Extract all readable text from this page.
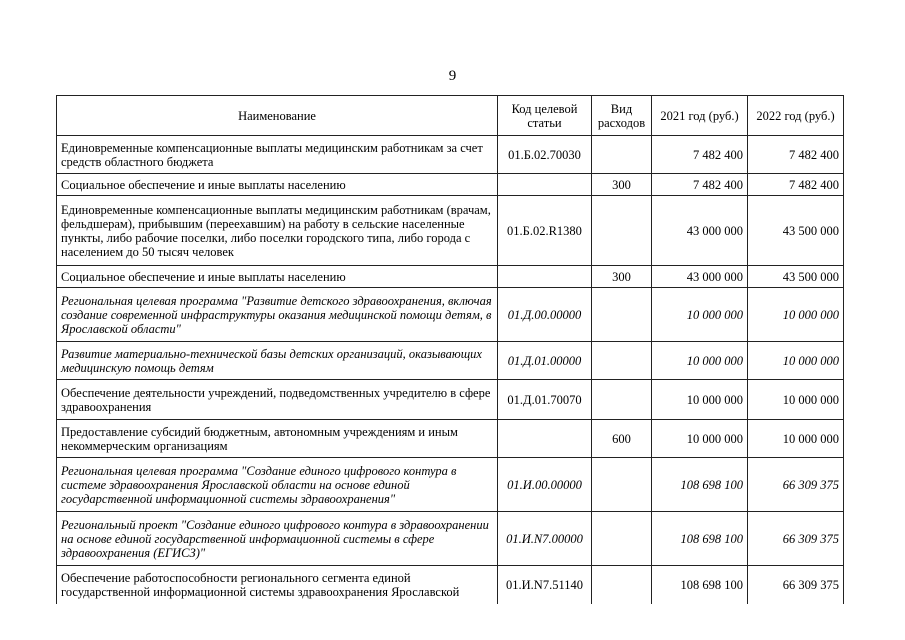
9
Наименование	Код целевой статьи	Вид расходов	2021 год (руб.)	2022 год (руб.)
Единовременные компенсационные выплаты медицинским работникам за счет средств областного бюджета	01.Б.02.70030		7 482 400	7 482 400
Социальное обеспечение и иные выплаты населению		300	7 482 400	7 482 400
Единовременные компенсационные выплаты медицинским работникам (врачам, фельдшерам), прибывшим (переехавшим) на работу в сельские населенные пункты, либо рабочие поселки, либо поселки городского типа, либо города с населением до 50 тысяч человек	01.Б.02.R1380		43 000 000	43 500 000
Социальное обеспечение и иные выплаты населению		300	43 000 000	43 500 000
Региональная целевая программа "Развитие детского здравоохранения, включая создание современной инфраструктуры оказания медицинской помощи детям, в Ярославской области"	01.Д.00.00000		10 000 000	10 000 000
Развитие материально-технической базы детских организаций, оказывающих медицинскую помощь детям	01.Д.01.00000		10 000 000	10 000 000
Обеспечение деятельности учреждений, подведомственных учредителю в сфере здравоохранения	01.Д.01.70070		10 000 000	10 000 000
Предоставление субсидий бюджетным, автономным учреждениям и иным некоммерческим организациям		600	10 000 000	10 000 000
Региональная целевая программа "Создание единого цифрового контура в системе здравоохранения Ярославской области на основе единой государственной информационной системы здравоохранения"	01.И.00.00000		108 698 100	66 309 375
Региональный проект "Создание единого цифрового контура в здравоохранении на основе единой государственной информационной системы в сфере здравоохранения (ЕГИСЗ)"	01.И.N7.00000		108 698 100	66 309 375
Обеспечение работоспособности регионального сегмента единой государственной информационной системы здравоохранения Ярославской	01.И.N7.51140		108 698 100	66 309 375
